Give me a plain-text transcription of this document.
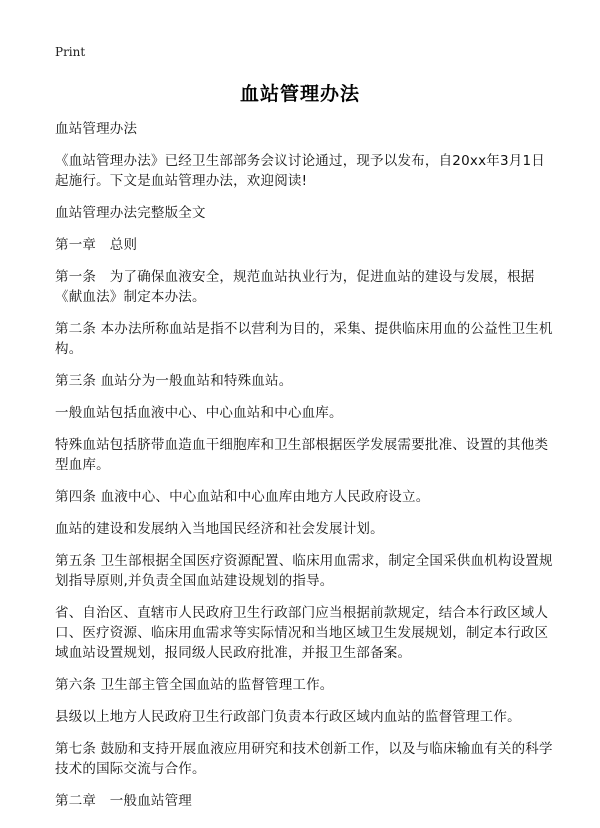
Print
血站管理办法

血站管理办法

《血站管理办法》已经卫生部部务会议讨论通过，现予以发布，自20xx年3月1日起施行。下文是血站管理办法，欢迎阅读!

血站管理办法完整版全文

第一章　总则

第一条　为了确保血液安全，规范血站执业行为，促进血站的建设与发展，根据《献血法》制定本办法。

第二条 本办法所称血站是指不以营利为目的，采集、提供临床用血的公益性卫生机构。

第三条 血站分为一般血站和特殊血站。

一般血站包括血液中心、中心血站和中心血库。

特殊血站包括脐带血造血干细胞库和卫生部根据医学发展需要批准、设置的其他类型血库。

第四条 血液中心、中心血站和中心血库由地方人民政府设立。

血站的建设和发展纳入当地国民经济和社会发展计划。

第五条 卫生部根据全国医疗资源配置、临床用血需求，制定全国采供血机构设置规划指导原则,并负责全国血站建设规划的指导。

省、自治区、直辖市人民政府卫生行政部门应当根据前款规定，结合本行政区域人口、医疗资源、临床用血需求等实际情况和当地区域卫生发展规划，制定本行政区域血站设置规划，报同级人民政府批准，并报卫生部备案。

第六条 卫生部主管全国血站的监督管理工作。

县级以上地方人民政府卫生行政部门负责本行政区域内血站的监督管理工作。

第七条 鼓励和支持开展血液应用研究和技术创新工作，以及与临床输血有关的科学技术的国际交流与合作。

第二章　一般血站管理
